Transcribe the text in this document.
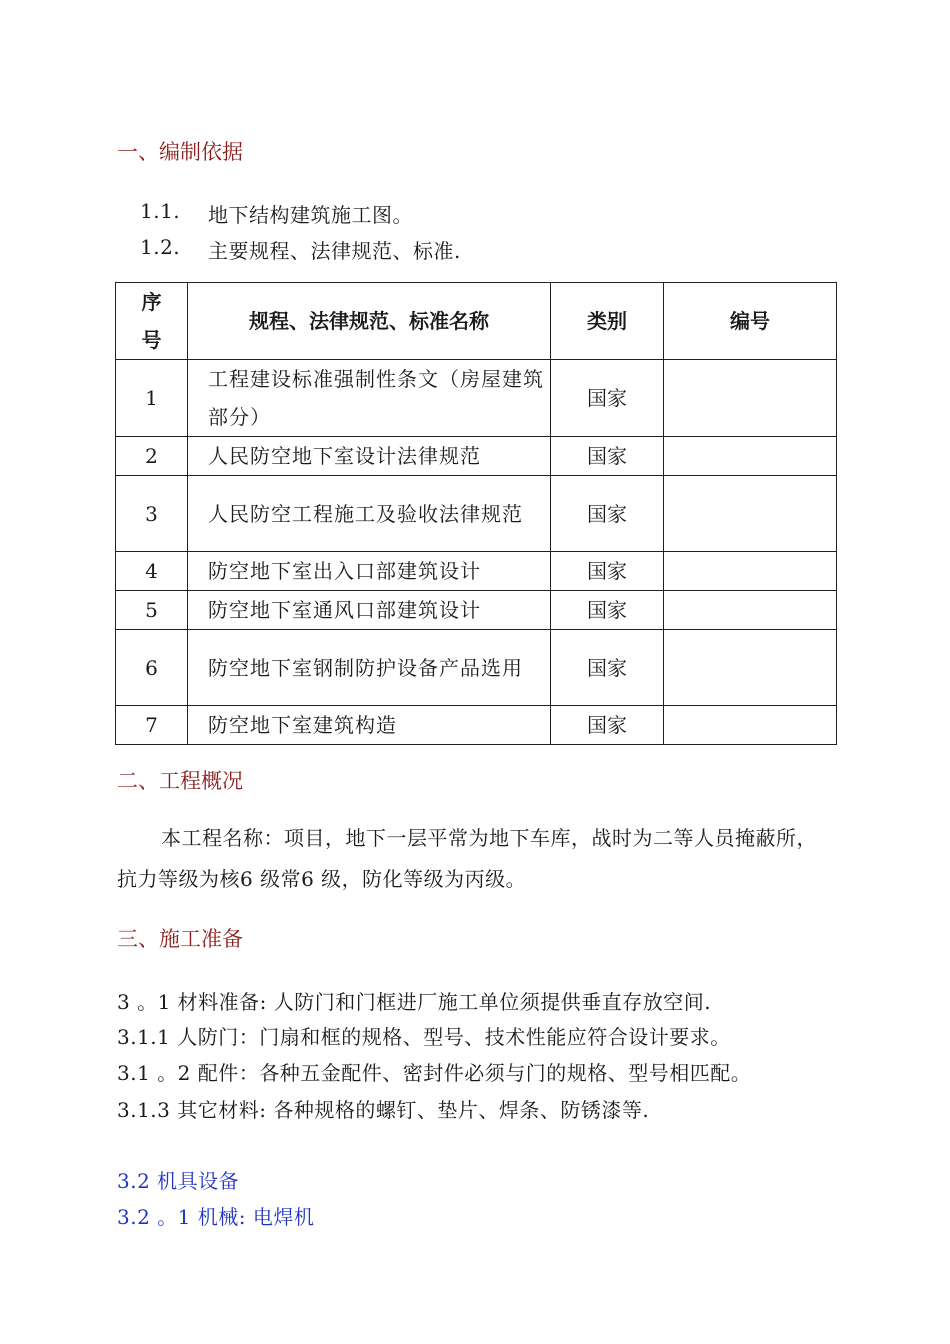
一、编制依据
1.1. 地下结构建筑施工图。
1.2. 主要规程、法律规范、标准.
序
号	规程、法律规范、标准名称	类别	编号
1	工程建设标准强制性条文（房屋建筑部分）	国家	
2	人民防空地下室设计法律规范	国家	
3	人民防空工程施工及验收法律规范	国家	
4	防空地下室出入口部建筑设计	国家	
5	防空地下室通风口部建筑设计	国家	
6	防空地下室钢制防护设备产品选用	国家	
7	防空地下室建筑构造	国家	
二、工程概况
本工程名称：项目，地下一层平常为地下车库，战时为二等人员掩蔽所，抗力等级为核6 级常6 级，防化等级为丙级。
三、施工准备
3 。1 材料准备: 人防门和门框进厂施工单位须提供垂直存放空间.
3.1.1 人防门：门扇和框的规格、型号、技术性能应符合设计要求。
3.1 。2 配件：各种五金配件、密封件必须与门的规格、型号相匹配。
3.1.3 其它材料: 各种规格的螺钉、垫片、焊条、防锈漆等.
3.2 机具设备
3.2 。1 机械: 电焊机
